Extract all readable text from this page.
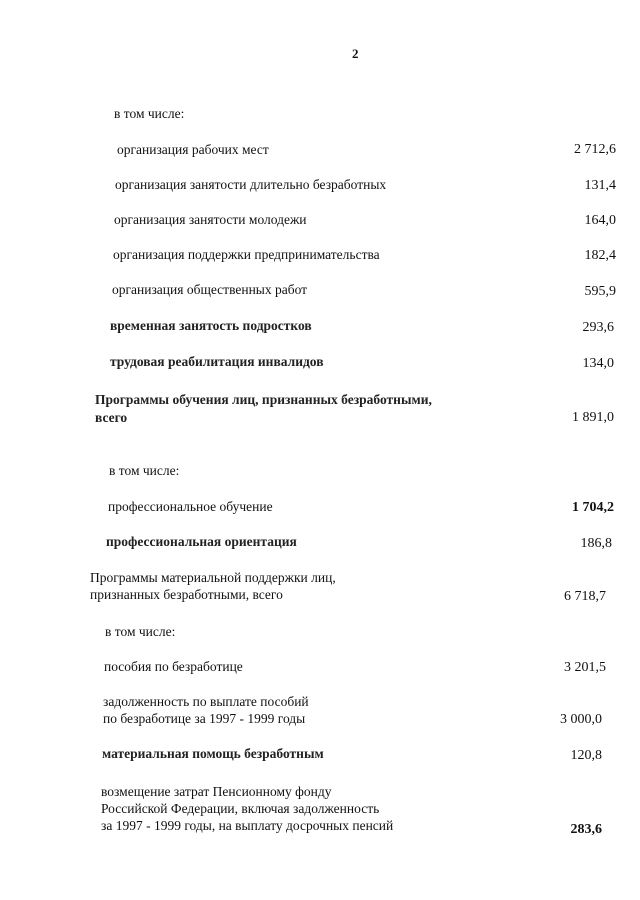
2
в том числе:
организация рабочих мест	2 712,6
организация занятости длительно безработных	131,4
организация занятости молодежи	164,0
организация поддержки предпринимательства	182,4
организация общественных работ	595,9
временная занятость подростков	293,6
трудовая реабилитация инвалидов	134,0
Программы обучения лиц, признанных безработными,
всего	1 891,0
в том числе:
профессиональное обучение	1 704,2
профессиональная ориентация	186,8
Программы материальной поддержки лиц,
признанных безработными, всего	6 718,7
в том числе:
пособия по безработице	3 201,5
задолженность по выплате пособий
по безработице за 1997 - 1999 годы	3 000,0
материальная помощь безработным	120,8
возмещение затрат Пенсионному фонду
Российской Федерации, включая задолженность
за 1997 - 1999 годы, на выплату досрочных пенсий	283,6
